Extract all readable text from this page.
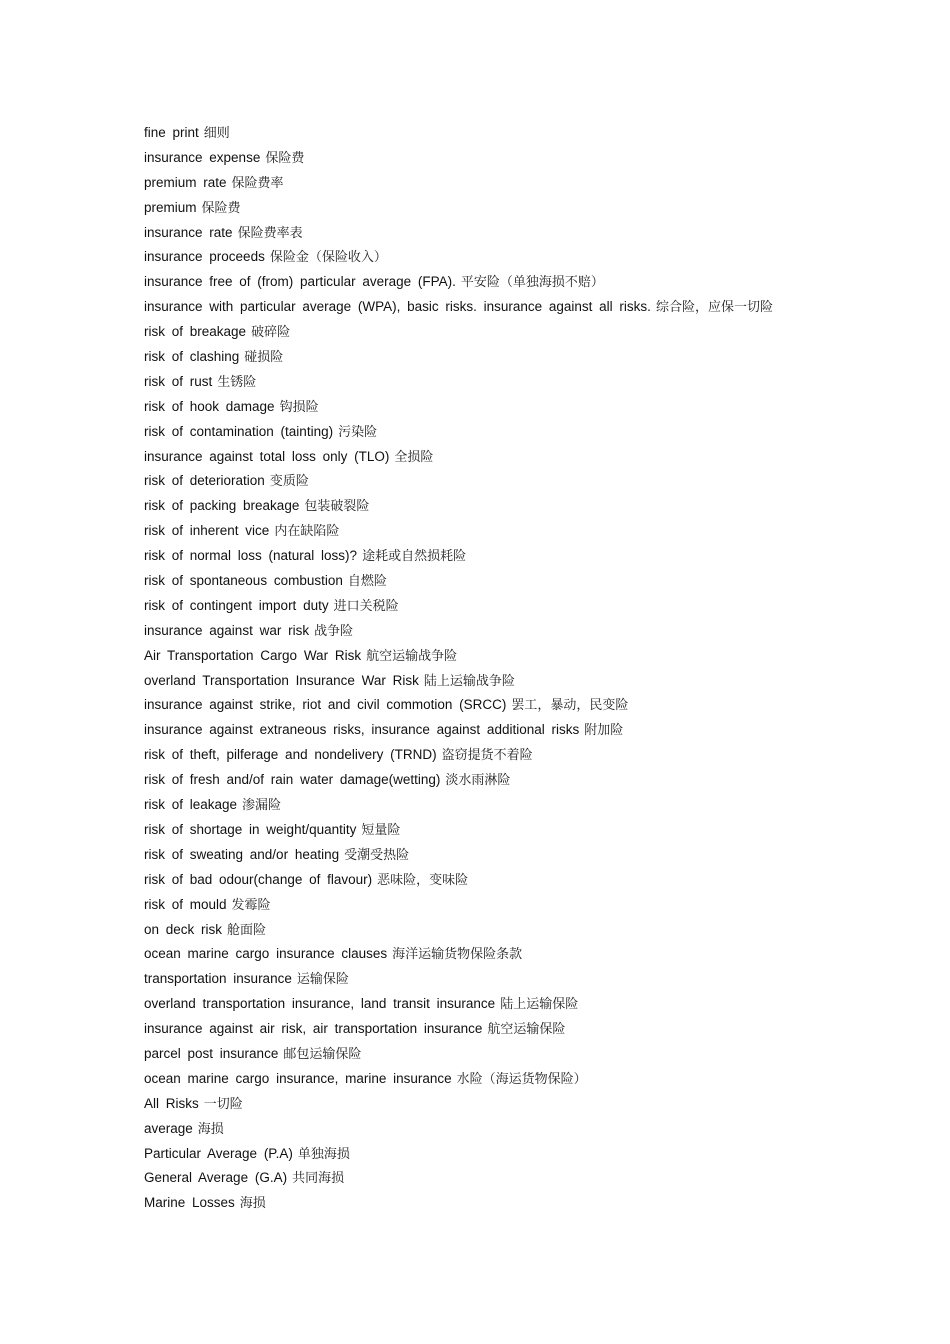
fine print 细则
insurance expense 保险费
premium rate 保险费率
premium 保险费
insurance rate 保险费率表
insurance proceeds 保险金（保险收入）
insurance free of (from) particular average (FPA). 平安险（单独海损不赔）
insurance with particular average (WPA), basic risks. insurance against all risks. 综合险，应保一切险
risk of breakage 破碎险
risk of clashing 碰损险
risk of rust 生锈险
risk of hook damage 钩损险
risk of contamination (tainting) 污染险
insurance against total loss only (TLO) 全损险
risk of deterioration 变质险
risk of packing breakage 包装破裂险
risk of inherent vice 内在缺陷险
risk of normal loss (natural loss)? 途耗或自然损耗险
risk of spontaneous combustion 自燃险
risk of contingent import duty 进口关税险
insurance against war risk 战争险
Air Transportation Cargo War Risk 航空运输战争险
overland Transportation Insurance War Risk 陆上运输战争险
insurance against strike, riot and civil commotion (SRCC) 罢工，暴动，民变险
insurance against extraneous risks, insurance against additional risks 附加险
risk of theft, pilferage and nondelivery (TRND) 盗窃提货不着险
risk of fresh and/of rain water damage(wetting) 淡水雨淋险
risk of leakage 渗漏险
risk of shortage in weight/quantity 短量险
risk of sweating and/or heating 受潮受热险
risk of bad odour(change of flavour) 恶味险，变味险
risk of mould 发霉险
on deck risk 舱面险
ocean marine cargo insurance clauses 海洋运输货物保险条款
transportation insurance 运输保险
overland transportation insurance, land transit insurance 陆上运输保险
insurance against air risk, air transportation insurance 航空运输保险
parcel post insurance 邮包运输保险
ocean marine cargo insurance, marine insurance 水险（海运货物保险）
All Risks 一切险
average 海损
Particular Average (P.A) 单独海损
General Average (G.A) 共同海损
Marine Losses 海损
